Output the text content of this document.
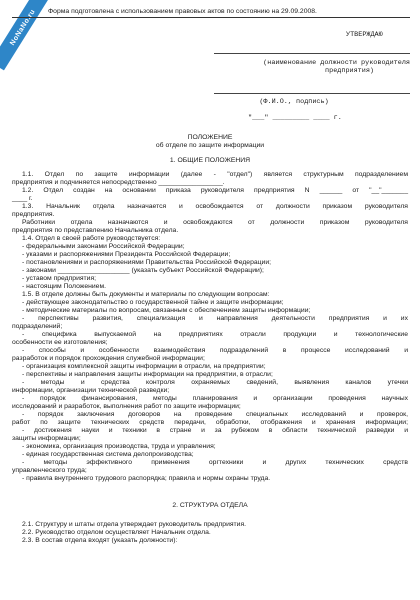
NoNaNo.ru	Форма подготовлена с использованием правовых актов по состоянию на 29.09.2008.
УТВЕРЖДАЮ
(наименование должности руководителя
предприятия)
(Ф.И.О., подпись)
"___" _________ ____ г.
ПОЛОЖЕНИЕ
об отделе по защите информации
1. ОБЩИЕ ПОЛОЖЕНИЯ
1.1. Отдел по защите информации (далее - "отдел") является структурным подразделением
предприятия и подчиняется непосредственно _________________.
1.2. Отдел создан на основании приказа руководителя предприятия N ______ от "__"_______
____ г.
1.3. Начальник отдела назначается и освобождается от должности приказом руководителя
предприятия.
Работники отдела назначаются и освобождаются от должности приказом руководителя
предприятия по представлению Начальника отдела.
1.4. Отдел в своей работе руководствуется:
- федеральными законами Российской Федерации;
- указами и распоряжениями Президента Российской Федерации;
- постановлениями и распоряжениями Правительства Российской Федерации;
- законами ___________________ (указать субъект Российской Федерации);
- уставом предприятия;
- настоящим Положением.
1.5. В отделе должны быть документы и материалы по следующим вопросам:
- действующее законодательство о государственной тайне и защите информации;
- методические материалы по вопросам, связанным с обеспечением защиты информации;
- перспективы развития, специализация и направления деятельности предприятия и их
подразделений;
- специфика выпускаемой на предприятиях отрасли продукции и технологические
особенности ее изготовления;
- способы и особенности взаимодействия подразделений в процессе исследований и
разработок и порядок прохождения служебной информации;
- организация комплексной защиты информации в отрасли, на предприятии;
- перспективы и направления защиты информации на предприятии, в отрасли;
- методы и средства контроля охраняемых сведений, выявления каналов утечки
информации, организации технической разведки;
- порядок финансирования, методы планирования и организации проведения научных
исследований и разработок, выполнения работ по защите информации;
- порядок заключения договоров на проведение специальных исследований и проверок,
работ по защите технических средств передачи, обработки, отображения и хранения информации;
- достижения науки и техники в стране и за рубежом в области технической разведки и
защиты информации;
- экономика, организация производства, труда и управления;
- единая государственная система делопроизводства;
- методы эффективного применения оргтехники и других технических средств
управленческого труда;
- правила внутреннего трудового распорядка; правила и нормы охраны труда.
2. СТРУКТУРА ОТДЕЛА
2.1. Структуру и штаты отдела утверждает руководитель предприятия.
2.2. Руководство отделом осуществляет Начальник отдела.
2.3. В состав отдела входят (указать должности):
